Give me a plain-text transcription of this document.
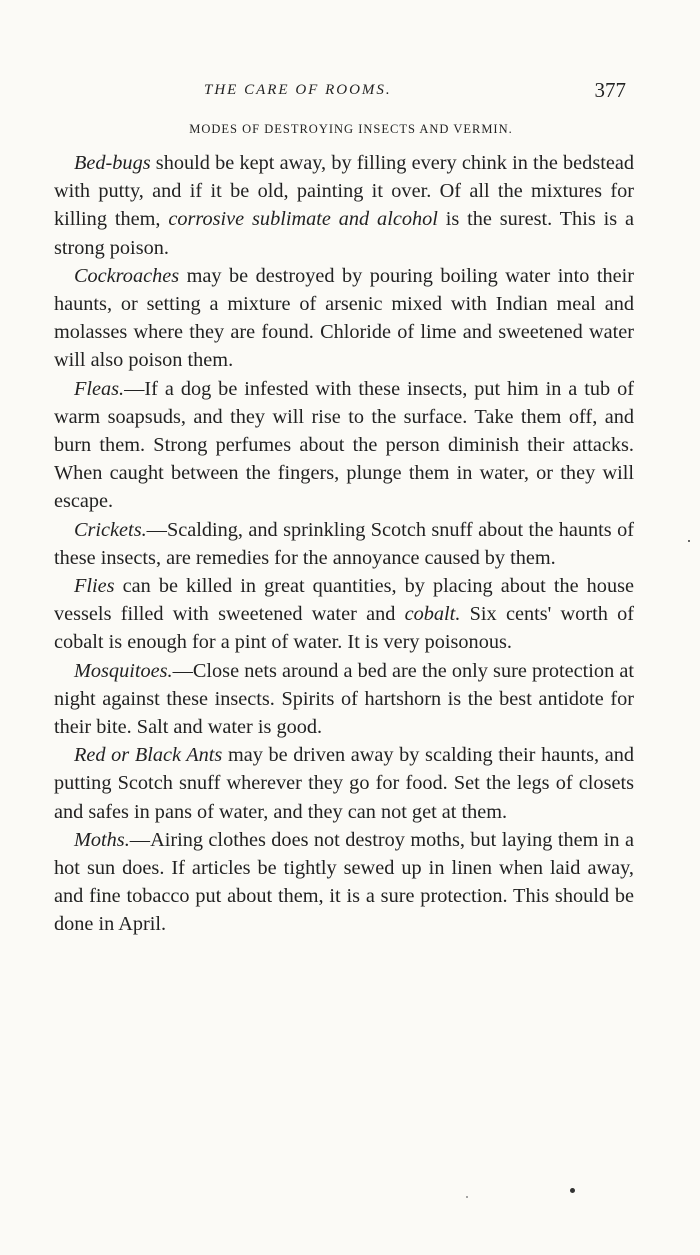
THE CARE OF ROOMS.	377
MODES OF DESTROYING INSECTS AND VERMIN.

Bed-bugs should be kept away, by filling every chink in the bedstead with putty, and if it be old, painting it over. Of all the mixtures for killing them, corrosive sublimate and alcohol is the surest. This is a strong poison.

Cockroaches may be destroyed by pouring boiling water into their haunts, or setting a mixture of arsenic mixed with Indian meal and molasses where they are found. Chloride of lime and sweetened water will also poison them.

Fleas.—If a dog be infested with these insects, put him in a tub of warm soapsuds, and they will rise to the surface. Take them off, and burn them. Strong perfumes about the person diminish their attacks. When caught between the fingers, plunge them in water, or they will escape.

Crickets.—Scalding, and sprinkling Scotch snuff about the haunts of these insects, are remedies for the annoyance caused by them.

Flies can be killed in great quantities, by placing about the house vessels filled with sweetened water and cobalt. Six cents' worth of cobalt is enough for a pint of water. It is very poisonous.

Mosquitoes.—Close nets around a bed are the only sure protection at night against these insects. Spirits of hartshorn is the best antidote for their bite. Salt and water is good.

Red or Black Ants may be driven away by scalding their haunts, and putting Scotch snuff wherever they go for food. Set the legs of closets and safes in pans of water, and they can not get at them.

Moths.—Airing clothes does not destroy moths, but laying them in a hot sun does. If articles be tightly sewed up in linen when laid away, and fine tobacco put about them, it is a sure protection. This should be done in April.
